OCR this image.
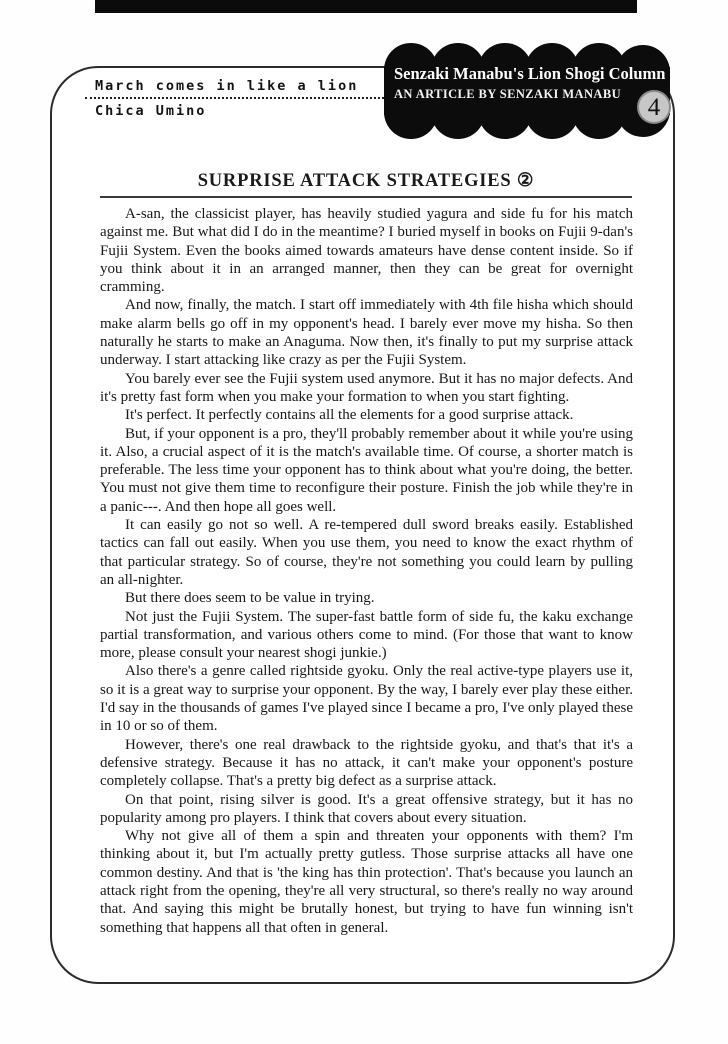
March comes in like a lion
Chica Umino
Senzaki Manabu's Lion Shogi Column
AN ARTICLE BY SENZAKI MANABU	4
SURPRISE ATTACK STRATEGIES ②

A-san, the classicist player, has heavily studied yagura and side fu for his match against me. But what did I do in the meantime? I buried myself in books on Fujii 9-dan's Fujii System. Even the books aimed towards amateurs have dense content inside. So if you think about it in an arranged manner, then they can be great for overnight cramming.

And now, finally, the match. I start off immediately with 4th file hisha which should make alarm bells go off in my opponent's head. I barely ever move my hisha. So then naturally he starts to make an Anaguma. Now then, it's finally to put my surprise attack underway. I start attacking like crazy as per the Fujii System.

You barely ever see the Fujii system used anymore. But it has no major defects. And it's pretty fast form when you make your formation to when you start fighting.

It's perfect. It perfectly contains all the elements for a good surprise attack.

But, if your opponent is a pro, they'll probably remember about it while you're using it. Also, a crucial aspect of it is the match's available time. Of course, a shorter match is preferable. The less time your opponent has to think about what you're doing, the better. You must not give them time to reconfigure their posture. Finish the job while they're in a panic---. And then hope all goes well.

It can easily go not so well. A re-tempered dull sword breaks easily. Established tactics can fall out easily. When you use them, you need to know the exact rhythm of that particular strategy. So of course, they're not something you could learn by pulling an all-nighter.

But there does seem to be value in trying.

Not just the Fujii System. The super-fast battle form of side fu, the kaku exchange partial transformation, and various others come to mind. (For those that want to know more, please consult your nearest shogi junkie.)

Also there's a genre called rightside gyoku. Only the real active-type players use it, so it is a great way to surprise your opponent. By the way, I barely ever play these either. I'd say in the thousands of games I've played since I became a pro, I've only played these in 10 or so of them.

However, there's one real drawback to the rightside gyoku, and that's that it's a defensive strategy. Because it has no attack, it can't make your opponent's posture completely collapse. That's a pretty big defect as a surprise attack.

On that point, rising silver is good. It's a great offensive strategy, but it has no popularity among pro players. I think that covers about every situation.

Why not give all of them a spin and threaten your opponents with them? I'm thinking about it, but I'm actually pretty gutless. Those surprise attacks all have one common destiny. And that is 'the king has thin protection'. That's because you launch an attack right from the opening, they're all very structural, so there's really no way around that. And saying this might be brutally honest, but trying to have fun winning isn't something that happens all that often in general.
